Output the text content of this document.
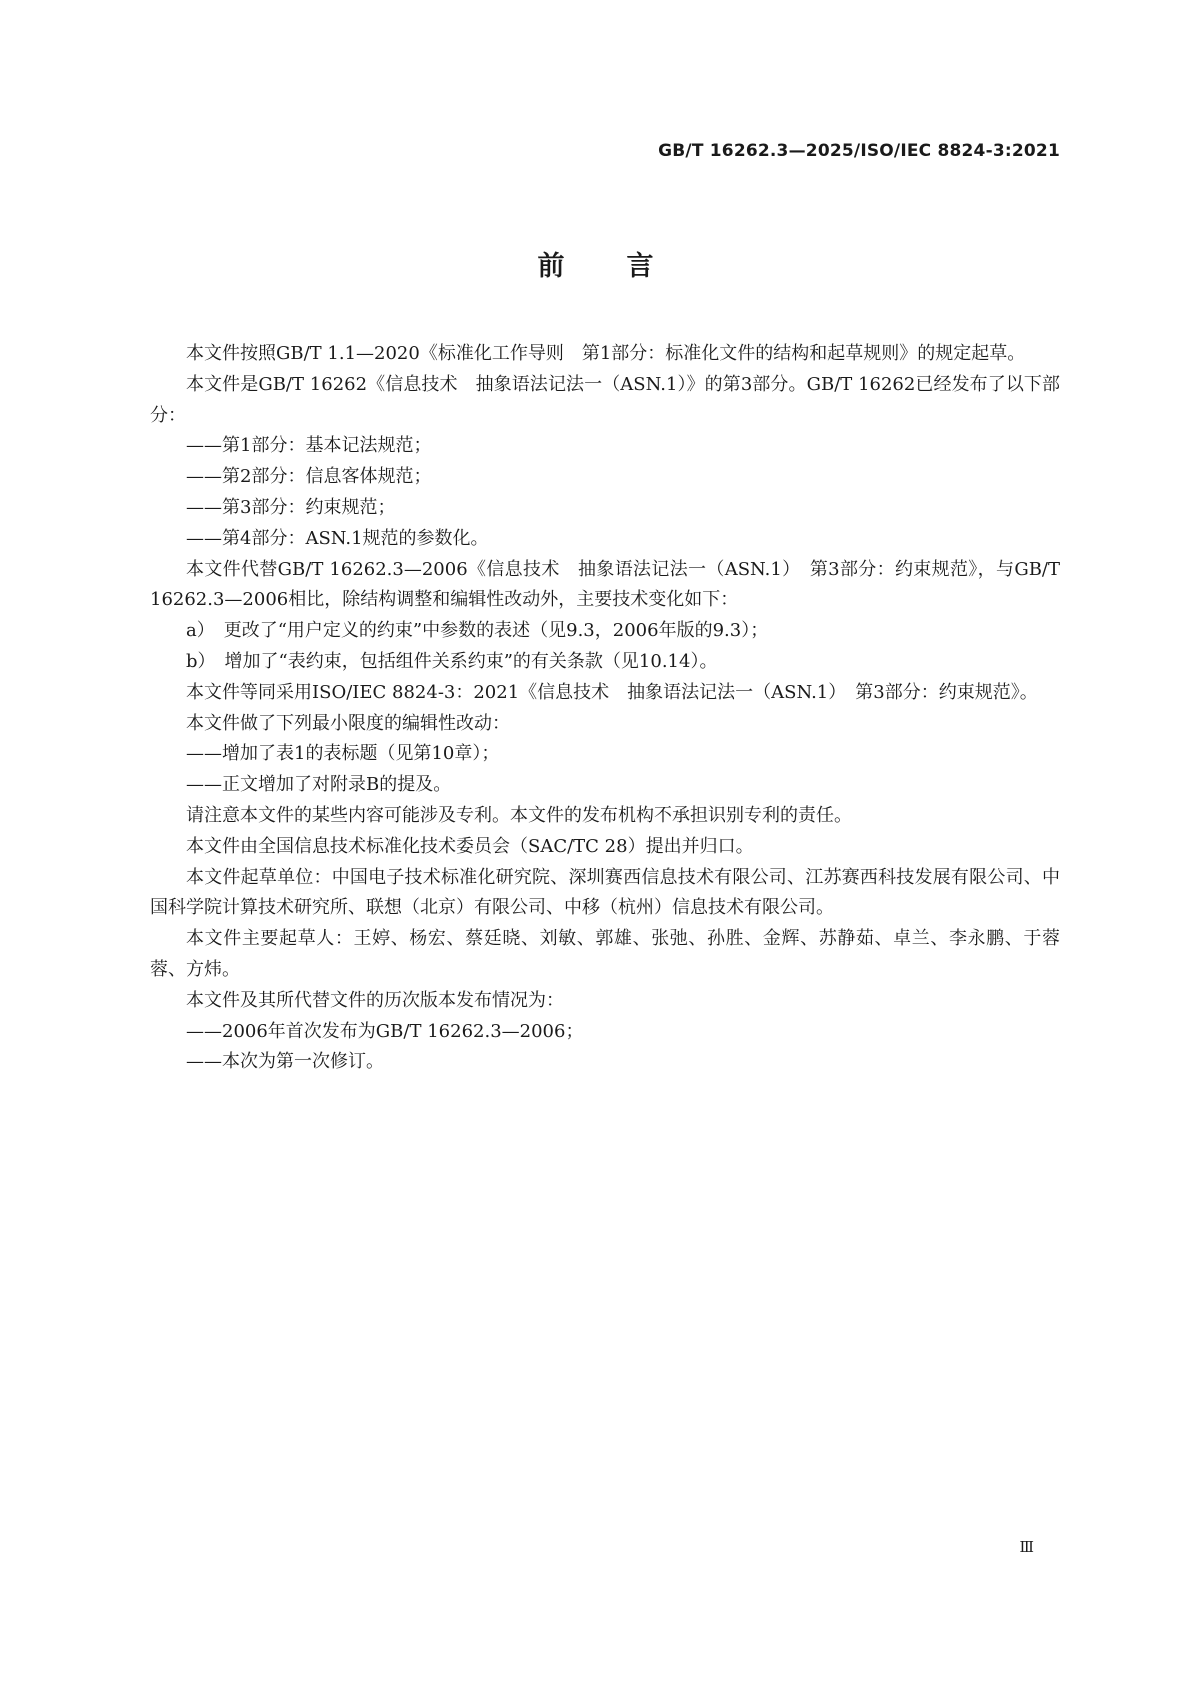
GB/T 16262.3—2025/ISO/IEC 8824-3:2021
前言

本文件按照GB/T 1.1—2020《标准化工作导则　第1部分：标准化文件的结构和起草规则》的规定起草。

本文件是GB/T 16262《信息技术　抽象语法记法一（ASN.1）》的第3部分。GB/T 16262已经发布了以下部分：

——第1部分：基本记法规范；

——第2部分：信息客体规范；

——第3部分：约束规范；

——第4部分：ASN.1规范的参数化。

本文件代替GB/T 16262.3—2006《信息技术　抽象语法记法一（ASN.1）　第3部分：约束规范》，与GB/T 16262.3—2006相比，除结构调整和编辑性改动外，主要技术变化如下：

a）　更改了“用户定义的约束”中参数的表述（见9.3，2006年版的9.3）；

b）　增加了“表约束，包括组件关系约束”的有关条款（见10.14）。

本文件等同采用ISO/IEC 8824-3：2021《信息技术　抽象语法记法一（ASN.1）　第3部分：约束规范》。

本文件做了下列最小限度的编辑性改动：

——增加了表1的表标题（见第10章）；

——正文增加了对附录B的提及。

请注意本文件的某些内容可能涉及专利。本文件的发布机构不承担识别专利的责任。

本文件由全国信息技术标准化技术委员会（SAC/TC 28）提出并归口。

本文件起草单位：中国电子技术标准化研究院、深圳赛西信息技术有限公司、江苏赛西科技发展有限公司、中国科学院计算技术研究所、联想（北京）有限公司、中移（杭州）信息技术有限公司。

本文件主要起草人：王婷、杨宏、蔡廷晓、刘敏、郭雄、张弛、孙胜、金辉、苏静茹、卓兰、李永鹏、于蓉蓉、方炜。

本文件及其所代替文件的历次版本发布情况为：

——2006年首次发布为GB/T 16262.3—2006；

——本次为第一次修订。

Ⅲ
